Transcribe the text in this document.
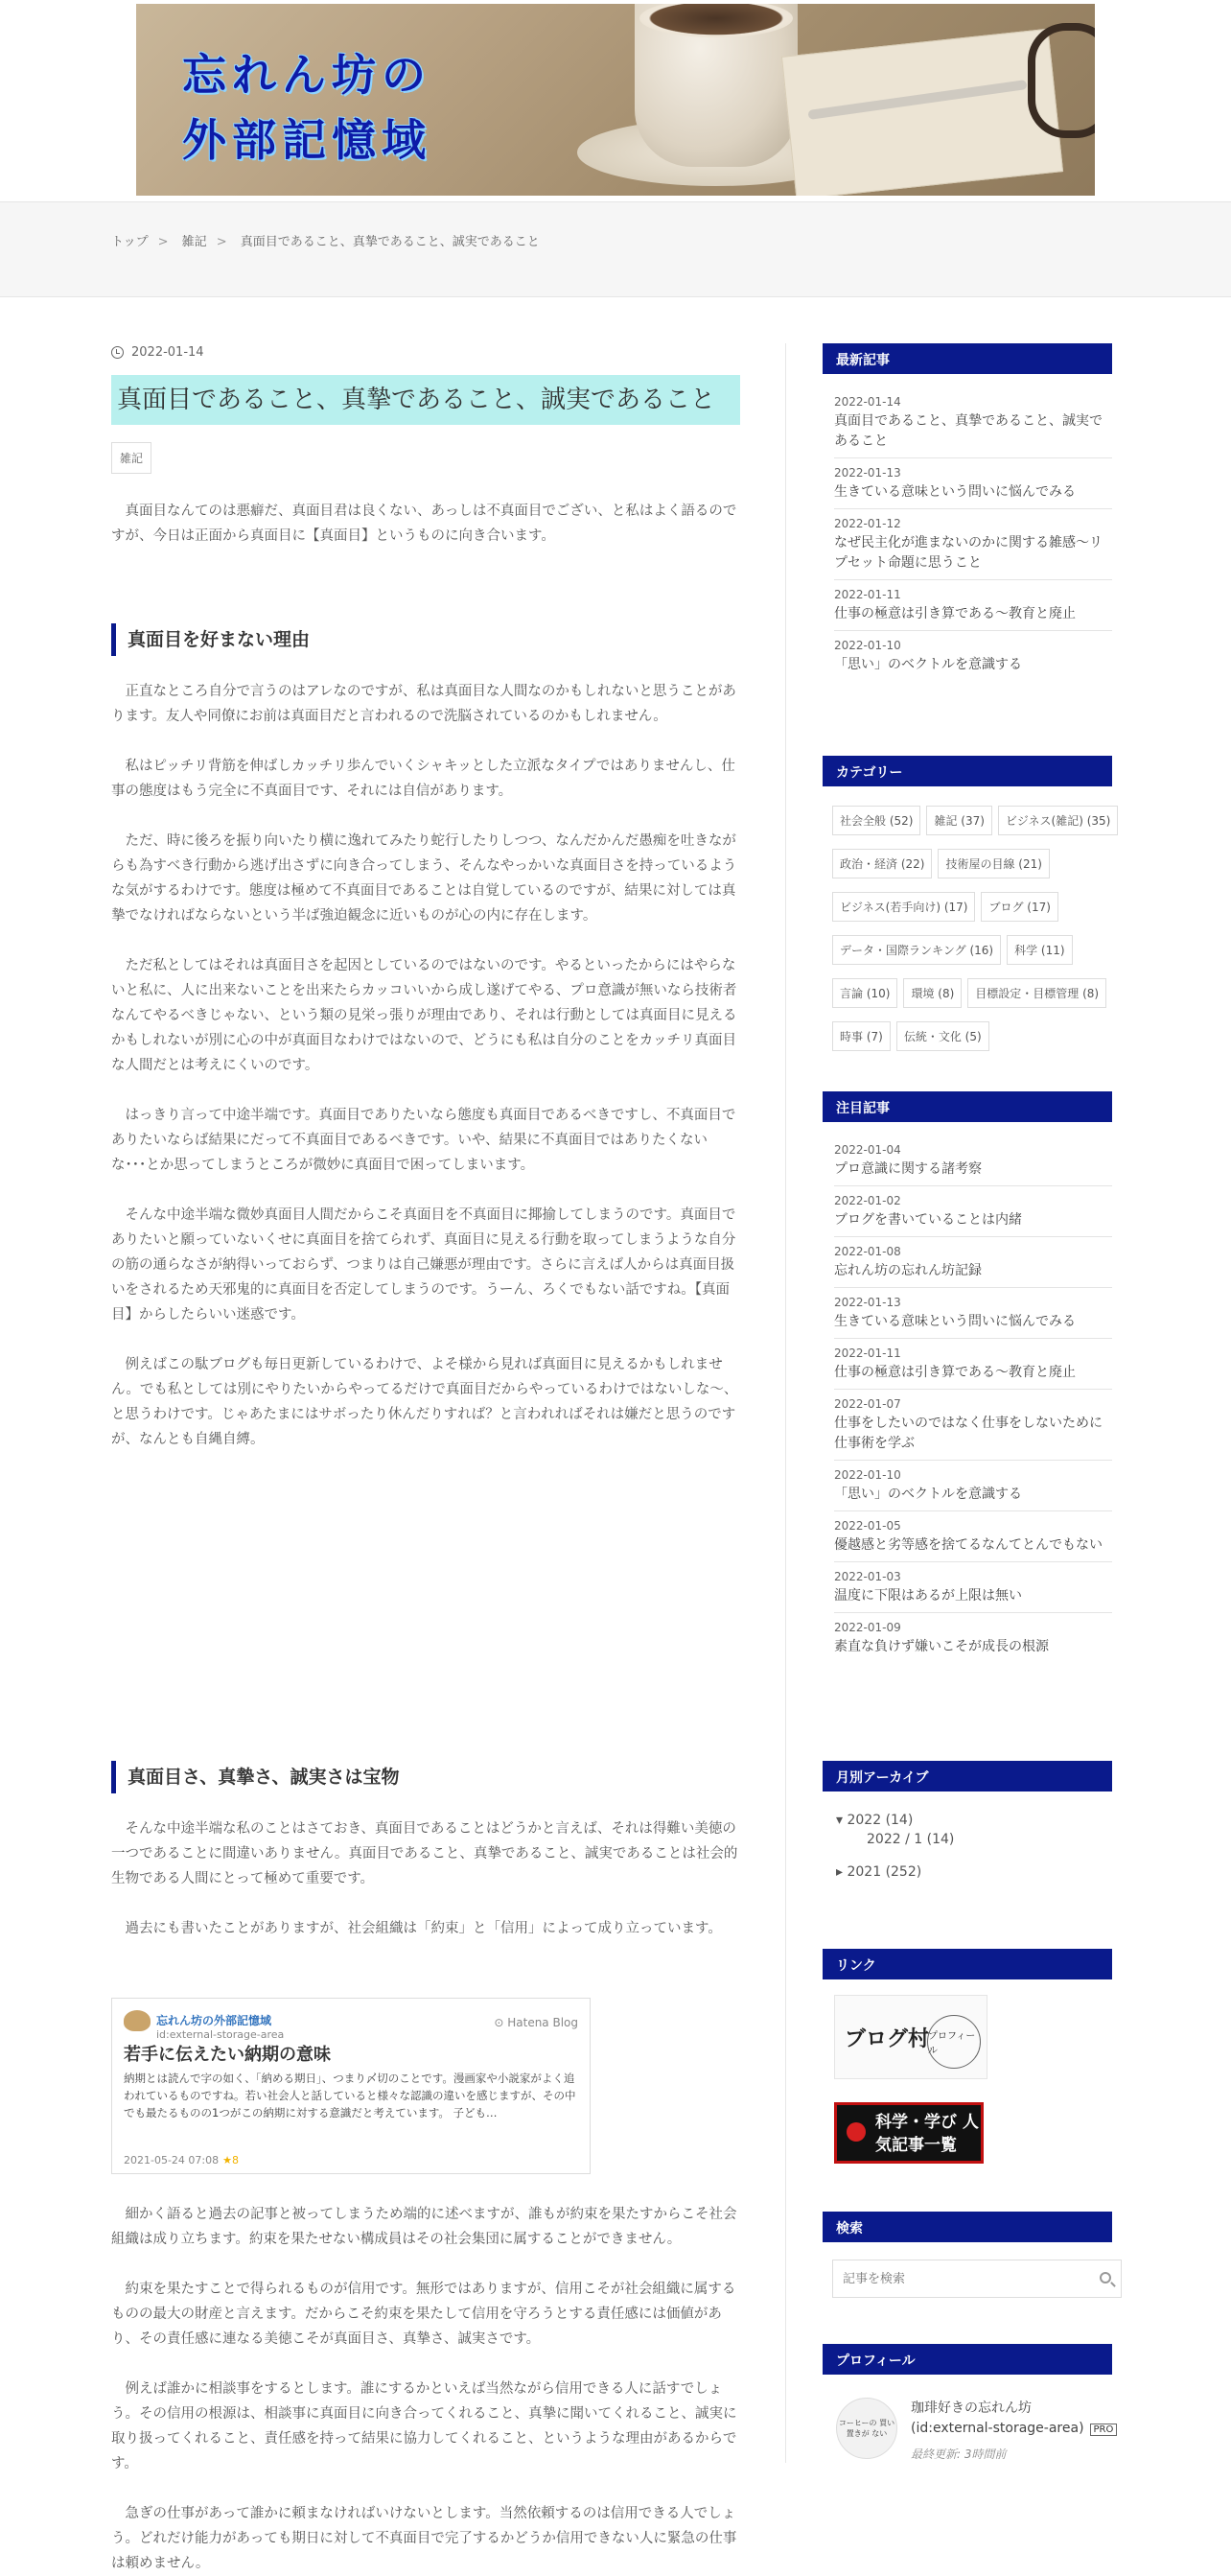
忘れん坊の
外部記憶域
トップ > 雑記 > 真面目であること、真摯であること、誠実であること
2022-01-14
真面目であること、真摯であること、誠実であること
雑記

真面目なんてのは悪癖だ、真面目君は良くない、あっしは不真面目でござい、と私はよく語るのですが、今日は正面から真面目に【真面目】というものに向き合います。

真面目を好まない理由

正直なところ自分で言うのはアレなのですが、私は真面目な人間なのかもしれないと思うことがあります。友人や同僚にお前は真面目だと言われるので洗脳されているのかもしれません。

私はピッチリ背筋を伸ばしカッチリ歩んでいくシャキッとした立派なタイプではありませんし、仕事の態度はもう完全に不真面目です、それには自信があります。

ただ、時に後ろを振り向いたり横に逸れてみたり蛇行したりしつつ、なんだかんだ愚痴を吐きながらも為すべき行動から逃げ出さずに向き合ってしまう、そんなやっかいな真面目さを持っているような気がするわけです。態度は極めて不真面目であることは自覚しているのですが、結果に対しては真摯でなければならないという半ば強迫観念に近いものが心の内に存在します。

ただ私としてはそれは真面目さを起因としているのではないのです。やるといったからにはやらないと私に、人に出来ないことを出来たらカッコいいから成し遂げてやる、プロ意識が無いなら技術者なんてやるべきじゃない、という類の見栄っ張りが理由であり、それは行動としては真面目に見えるかもしれないが別に心の中が真面目なわけではないので、どうにも私は自分のことをカッチリ真面目な人間だとは考えにくいのです。

はっきり言って中途半端です。真面目でありたいなら態度も真面目であるべきですし、不真面目でありたいならば結果にだって不真面目であるべきです。いや、結果に不真面目ではありたくないな･･･とか思ってしまうところが微妙に真面目で困ってしまいます。

そんな中途半端な微妙真面目人間だからこそ真面目を不真面目に揶揄してしまうのです。真面目でありたいと願っていないくせに真面目を捨てられず、真面目に見える行動を取ってしまうような自分の筋の通らなさが納得いっておらず、つまりは自己嫌悪が理由です。さらに言えば人からは真面目扱いをされるため天邪鬼的に真面目を否定してしまうのです。うーん、ろくでもない話ですね。【真面目】からしたらいい迷惑です。

例えばこの駄ブログも毎日更新しているわけで、よそ様から見れば真面目に見えるかもしれません。でも私としては別にやりたいからやってるだけで真面目だからやっているわけではないしな～、と思うわけです。じゃあたまにはサボったり休んだりすれば？と言われればそれは嫌だと思うのですが、なんとも自縄自縛。

真面目さ、真摯さ、誠実さは宝物

そんな中途半端な私のことはさておき、真面目であることはどうかと言えば、それは得難い美徳の一つであることに間違いありません。真面目であること、真摯であること、誠実であることは社会的生物である人間にとって極めて重要です。

過去にも書いたことがありますが、社会組織は「約束」と「信用」によって成り立っています。

忘れん坊の外部記憶域
id:external-storage-area
⊙ Hatena Blog
若手に伝えたい納期の意味
納期とは読んで字の如く、「納める期日」、つまり〆切のことです。漫画家や小説家がよく追われているものですね。若い社会人と話していると様々な認識の違いを感じますが、その中でも最たるものの1つがこの納期に対する意識だと考えています。 子ども…
2021-05-24 07:08 ★8

細かく語ると過去の記事と被ってしまうため端的に述べますが、誰もが約束を果たすからこそ社会組織は成り立ちます。約束を果たせない構成員はその社会集団に属することができません。

約束を果たすことで得られるものが信用です。無形ではありますが、信用こそが社会組織に属するものの最大の財産と言えます。だからこそ約束を果たして信用を守ろうとする責任感には価値があり、その責任感に連なる美徳こそが真面目さ、真摯さ、誠実さです。

例えば誰かに相談事をするとします。誰にするかといえば当然ながら信用できる人に話すでしょう。その信用の根源は、相談事に真面目に向き合ってくれること、真摯に聞いてくれること、誠実に取り扱ってくれること、責任感を持って結果に協力してくれること、というような理由があるからです。

急ぎの仕事があって誰かに頼まなければいけないとします。当然依頼するのは信用できる人でしょう。どれだけ能力があっても期日に対して不真面目で完了するかどうか信用できない人に緊急の仕事は頼めません。

最新記事
2022-01-14
真面目であること、真摯であること、誠実であること
2022-01-13
生きている意味という問いに悩んでみる
2022-01-12
なぜ民主化が進まないのかに関する雑感〜リプセット命題に思うこと
2022-01-11
仕事の極意は引き算である～教育と廃止
2022-01-10
「思い」のベクトルを意識する
カテゴリー
社会全般 (52)	雑記 (37)	ビジネス(雑記) (35)
政治・経済 (22)	技術屋の目線 (21)
ビジネス(若手向け) (17)	ブログ (17)
データ・国際ランキング (16)	科学 (11)
言論 (10)	環境 (8)	目標設定・目標管理 (8)
時事 (7)	伝統・文化 (5)
注目記事
2022-01-04
プロ意識に関する諸考察
2022-01-02
ブログを書いていることは内緒
2022-01-08
忘れん坊の忘れん坊記録
2022-01-13
生きている意味という問いに悩んでみる
2022-01-11
仕事の極意は引き算である～教育と廃止
2022-01-07
仕事をしたいのではなく仕事をしないために仕事術を学ぶ
2022-01-10
「思い」のベクトルを意識する
2022-01-05
優越感と劣等感を捨てるなんてとんでもない
2022-01-03
温度に下限はあるが上限は無い
2022-01-09
素直な負けず嫌いこそが成長の根源
月別アーカイブ
▾ 2022 (14)
2022 / 1 (14)
▸ 2021 (252)
リンク
ブログ村
プロフィール
科学・学び 人気記事一覧
検索
記事を検索
プロフィール
コーヒーの 買い置きが ない
珈琲好きの忘れん坊
(id:external-storage-area) PRO
最終更新: 3時間前
